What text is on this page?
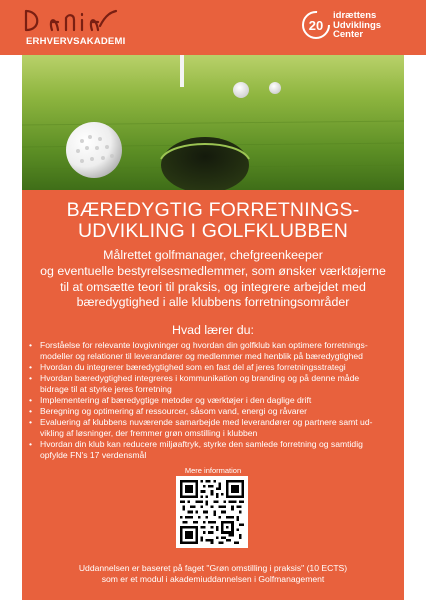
ERHVERVSAKADEMI
20
idrættens
Udviklings
Center
BÆREDYGTIG FORRETNINGS-
UDVIKLING I GOLFKLUBBEN
Målrettet golfmanager, chefgreenkeeper
og eventuelle bestyrelsesmedlemmer, som ønsker værktøjerne
til at omsætte teori til praksis, og integrere arbejdet med
bæredygtighed i alle klubbens forretningsområder
Hvad lærer du:
• Forståelse for relevante lovgivninger og hvordan din golfklub kan optimere forretnings-
modeller og relationer til leverandører og medlemmer med henblik på bæredygtighed
• Hvordan du integrerer bæredygtighed som en fast del af jeres forretningsstrategi
• Hvordan bæredygtighed integreres i kommunikation og branding og på denne måde
bidrage til at styrke jeres forretning
• Implementering af bæredygtige metoder og værktøjer i den daglige drift
• Beregning og optimering af ressourcer, såsom vand, energi og råvarer
• Evaluering af klubbens nuværende samarbejde med leverandører og partnere samt ud-
vikling af løsninger, der fremmer grøn omstilling i klubben
• Hvordan din klub kan reducere miljøaftryk, styrke den samlede forretning og samtidig
opfylde FN's 17 verdensmål
Mere information
Uddannelsen er baseret på faget "Grøn omstilling i praksis" (10 ECTS)
som er et modul i akademiuddannelsen i Golfmanagement
